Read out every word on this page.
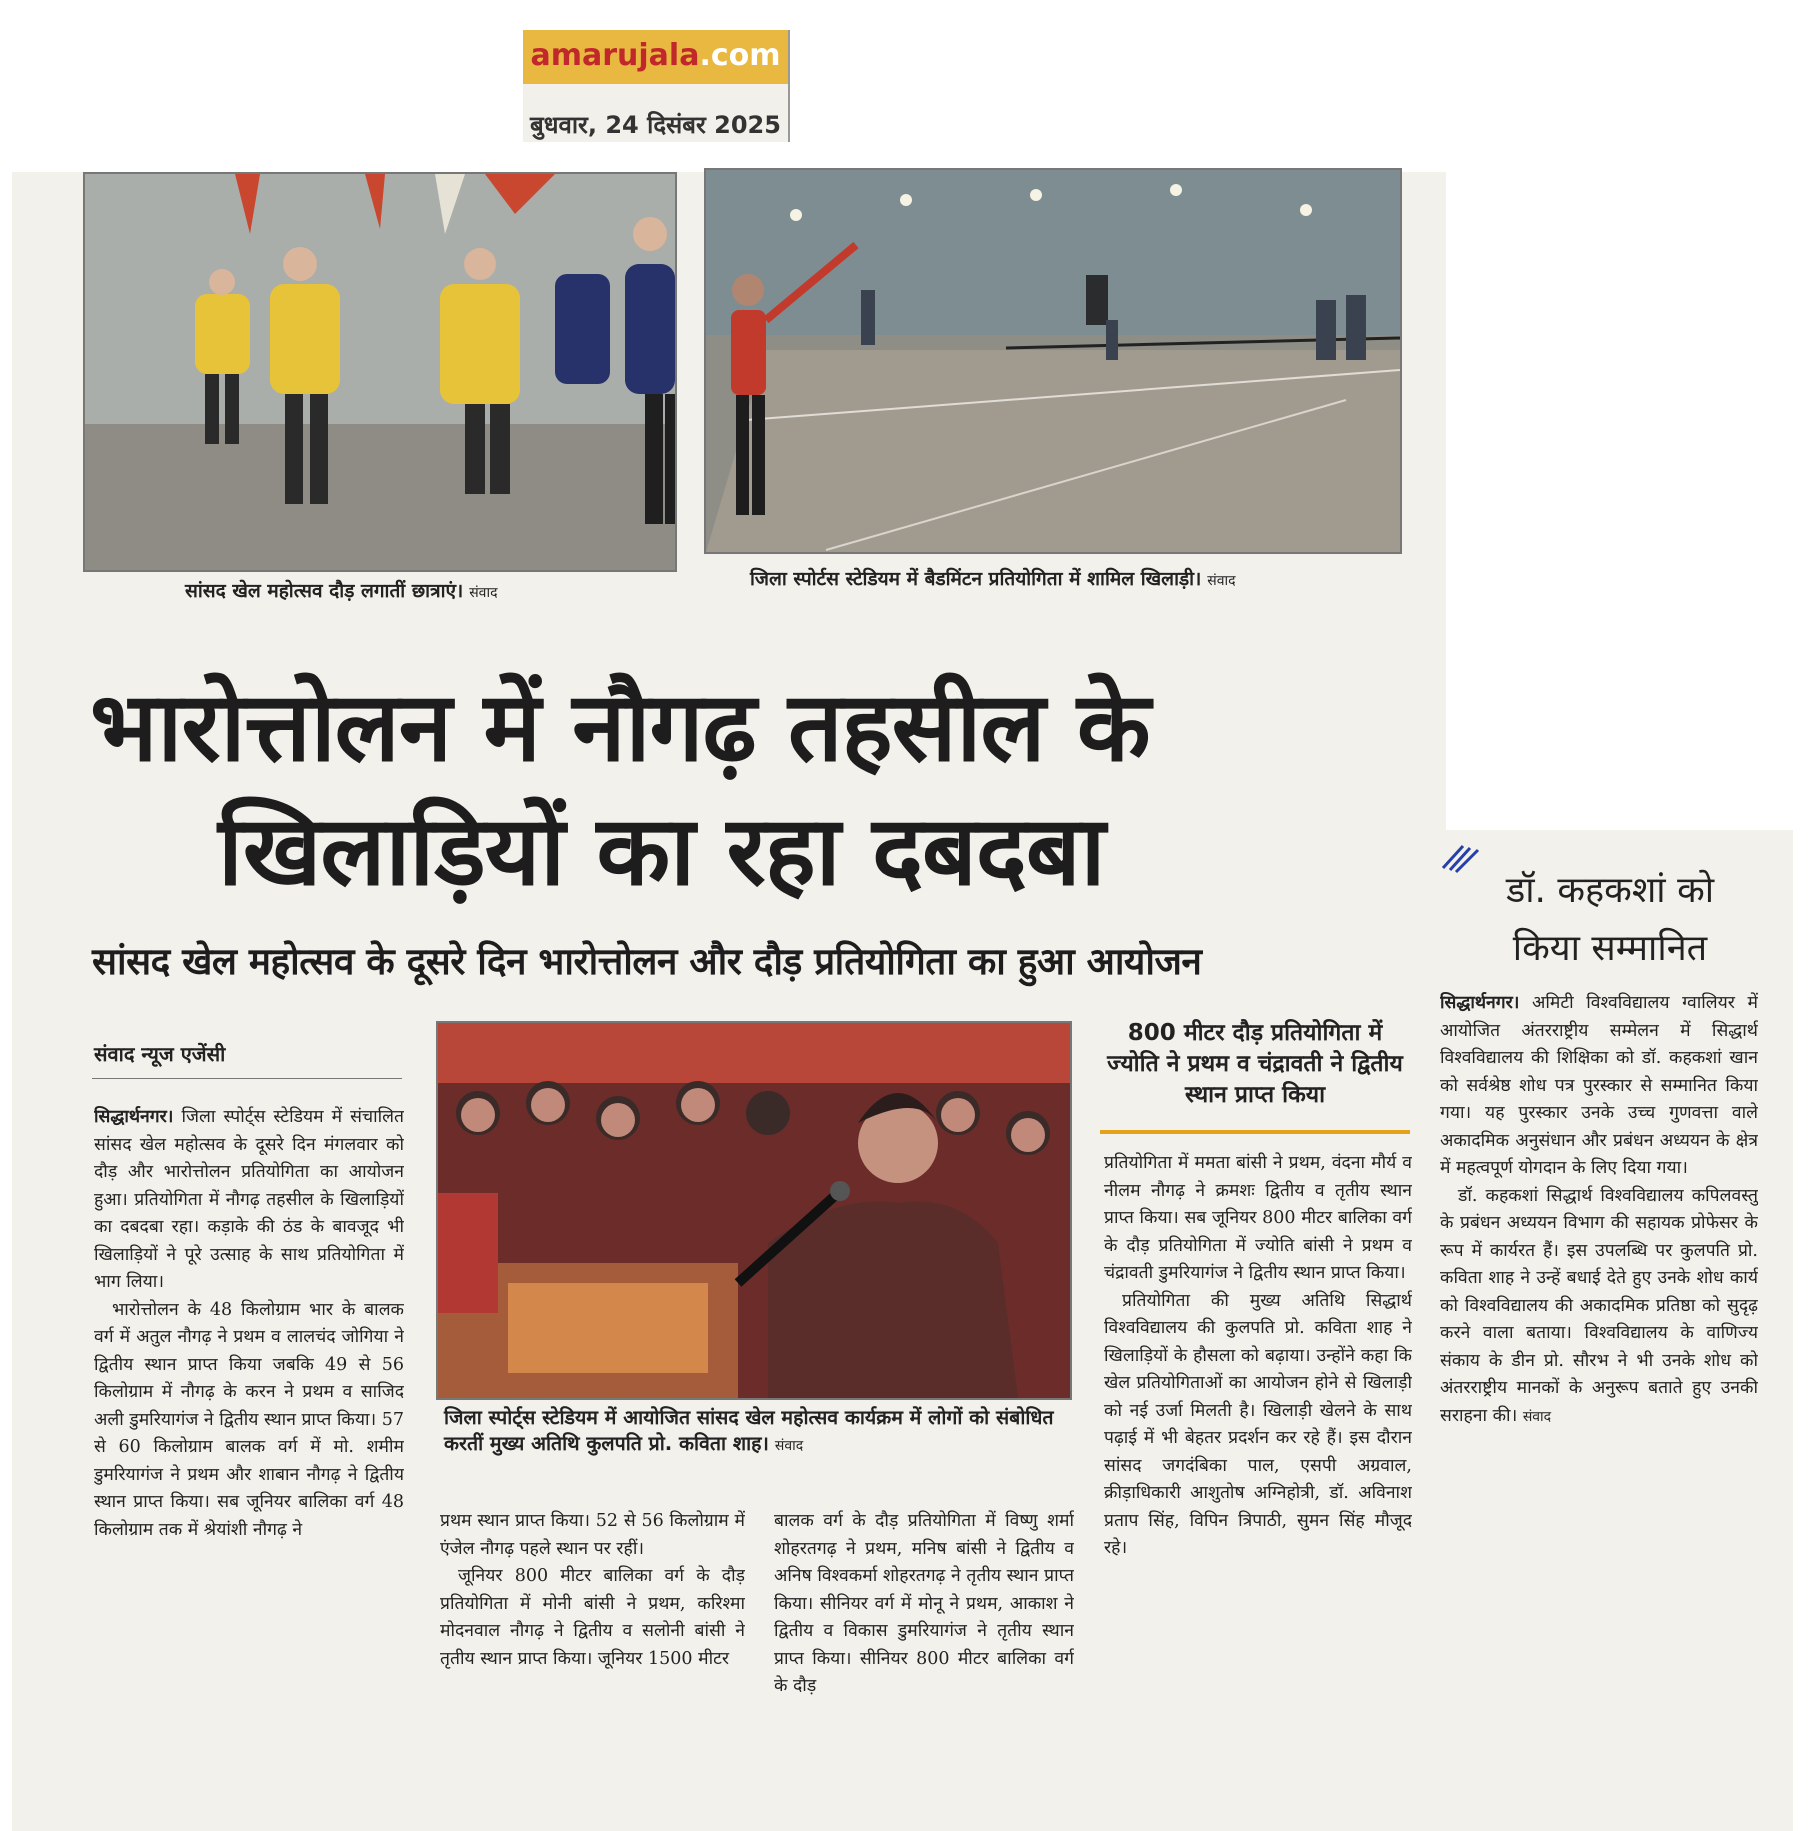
amarujala.com
बुधवार, 24 दिसंबर 2025
सांसद खेल महोत्सव दौड़ लगातीं छात्राएं। संवाद
जिला स्पोर्टस स्टेडियम में बैडमिंटन प्रतियोगिता में शामिल खिलाड़ी। संवाद
भारोत्तोलन में नौगढ़ तहसील के
खिलाड़ियों का रहा दबदबा
सांसद खेल महोत्सव के दूसरे दिन भारोत्तोलन और दौड़ प्रतियोगिता का हुआ आयोजन
संवाद न्यूज एजेंसी

सिद्धार्थनगर। जिला स्पोर्ट्स स्टेडियम में संचालित सांसद खेल महोत्सव के दूसरे दिन मंगलवार को दौड़ और भारोत्तोलन प्रतियोगिता का आयोजन हुआ। प्रतियोगिता में नौगढ़ तहसील के खिलाड़ियों का दबदबा रहा। कड़ाके की ठंड के बावजूद भी खिलाड़ियों ने पूरे उत्साह के साथ प्रतियोगिता में भाग लिया।

भारोत्तोलन के 48 किलोग्राम भार के बालक वर्ग में अतुल नौगढ़ ने प्रथम व लालचंद जोगिया ने द्वितीय स्थान प्राप्त किया जबकि 49 से 56 किलोग्राम में नौगढ़ के करन ने प्रथम व साजिद अली डुमरियागंज ने द्वितीय स्थान प्राप्त किया। 57 से 60 किलोग्राम बालक वर्ग में मो. शमीम डुमरियागंज ने प्रथम और शाबान नौगढ़ ने द्वितीय स्थान प्राप्त किया। सब जूनियर बालिका वर्ग 48 किलोग्राम तक में श्रेयांशी नौगढ़ ने

जिला स्पोर्ट्स स्टेडियम में आयोजित सांसद खेल महोत्सव कार्यक्रम में लोगों को संबोधित करतीं मुख्य अतिथि कुलपति प्रो. कविता शाह। संवाद

प्रथम स्थान प्राप्त किया। 52 से 56 किलोग्राम में एंजेल नौगढ़ पहले स्थान पर रहीं।

जूनियर 800 मीटर बालिका वर्ग के दौड़ प्रतियोगिता में मोनी बांसी ने प्रथम, करिश्मा मोदनवाल नौगढ़ ने द्वितीय व सलोनी बांसी ने तृतीय स्थान प्राप्त किया। जूनियर 1500 मीटर

बालक वर्ग के दौड़ प्रतियोगिता में विष्णु शर्मा शोहरतगढ़ ने प्रथम, मनिष बांसी ने द्वितीय व अनिष विश्वकर्मा शोहरतगढ़ ने तृतीय स्थान प्राप्त किया। सीनियर वर्ग में मोनू ने प्रथम, आकाश ने द्वितीय व विकास डुमरियागंज ने तृतीय स्थान प्राप्त किया। सीनियर 800 मीटर बालिका वर्ग के दौड़

800 मीटर दौड़ प्रतियोगिता में ज्योति ने प्रथम व चंद्रावती ने द्वितीय स्थान प्राप्त किया

प्रतियोगिता में ममता बांसी ने प्रथम, वंदना मौर्य व नीलम नौगढ़ ने क्रमशः द्वितीय व तृतीय स्थान प्राप्त किया। सब जूनियर 800 मीटर बालिका वर्ग के दौड़ प्रतियोगिता में ज्योति बांसी ने प्रथम व चंद्रावती डुमरियागंज ने द्वितीय स्थान प्राप्त किया।

प्रतियोगिता की मुख्य अतिथि सिद्धार्थ विश्वविद्यालय की कुलपति प्रो. कविता शाह ने खिलाड़ियों के हौसला को बढ़ाया। उन्होंने कहा कि खेल प्रतियोगिताओं का आयोजन होने से खिलाड़ी को नई उर्जा मिलती है। खिलाड़ी खेलने के साथ पढ़ाई में भी बेहतर प्रदर्शन कर रहे हैं। इस दौरान सांसद जगदंबिका पाल, एसपी अग्रवाल, क्रीड़ाधिकारी आशुतोष अग्निहोत्री, डॉ. अविनाश प्रताप सिंह, विपिन त्रिपाठी, सुमन सिंह मौजूद रहे।

डॉ. कहकशां को
किया सम्मानित

सिद्धार्थनगर। अमिटी विश्वविद्यालय ग्वालियर में आयोजित अंतरराष्ट्रीय सम्मेलन में सिद्धार्थ विश्वविद्यालय की शिक्षिका को डॉ. कहकशां खान को सर्वश्रेष्ठ शोध पत्र पुरस्कार से सम्मानित किया गया। यह पुरस्कार उनके उच्च गुणवत्ता वाले अकादमिक अनुसंधान और प्रबंधन अध्ययन के क्षेत्र में महत्वपूर्ण योगदान के लिए दिया गया।

डॉ. कहकशां सिद्धार्थ विश्वविद्यालय कपिलवस्तु के प्रबंधन अध्ययन विभाग की सहायक प्रोफेसर के रूप में कार्यरत हैं। इस उपलब्धि पर कुलपति प्रो. कविता शाह ने उन्हें बधाई देते हुए उनके शोध कार्य को विश्वविद्यालय की अकादमिक प्रतिष्ठा को सुदृढ़ करने वाला बताया। विश्वविद्यालय के वाणिज्य संकाय के डीन प्रो. सौरभ ने भी उनके शोध को अंतरराष्ट्रीय मानकों के अनुरूप बताते हुए उनकी सराहना की। संवाद
